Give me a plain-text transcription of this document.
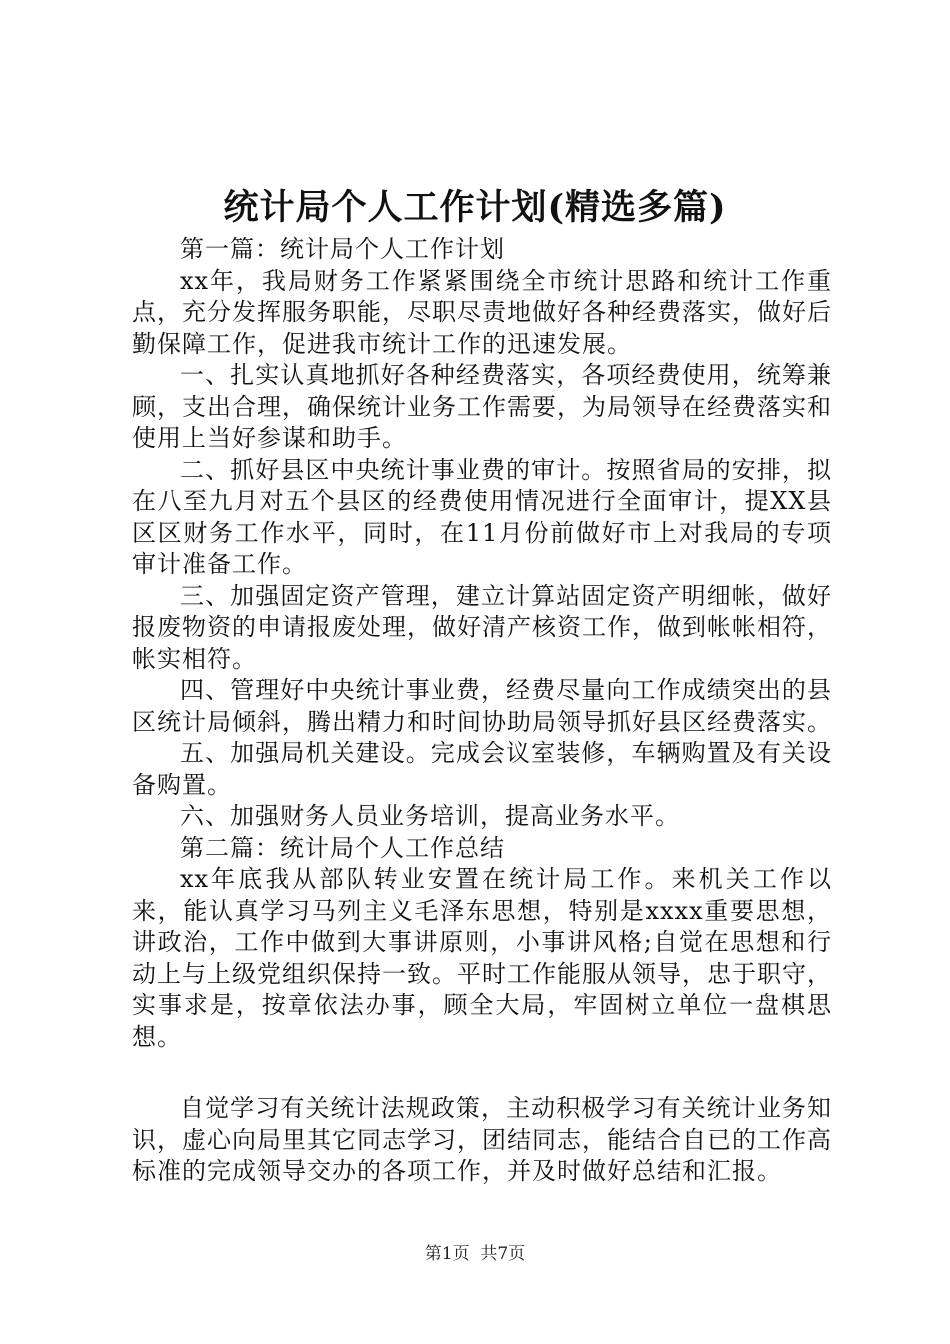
统计局个人工作计划(精选多篇)

第一篇：统计局个人工作计划

xx年，我局财务工作紧紧围绕全市统计思路和统计工作重点，充分发挥服务职能，尽职尽责地做好各种经费落实，做好后勤保障工作，促进我市统计工作的迅速发展。

一、扎实认真地抓好各种经费落实，各项经费使用，统筹兼顾，支出合理，确保统计业务工作需要，为局领导在经费落实和使用上当好参谋和助手。

二、抓好县区中央统计事业费的审计。按照省局的安排，拟在八至九月对五个县区的经费使用情况进行全面审计，提XX县区区财务工作水平，同时，在11月份前做好市上对我局的专项审计准备工作。

三、加强固定资产管理，建立计算站固定资产明细帐，做好报废物资的申请报废处理，做好清产核资工作，做到帐帐相符，帐实相符。

四、管理好中央统计事业费，经费尽量向工作成绩突出的县区统计局倾斜，腾出精力和时间协助局领导抓好县区经费落实。

五、加强局机关建设。完成会议室装修，车辆购置及有关设备购置。

六、加强财务人员业务培训，提高业务水平。

第二篇：统计局个人工作总结

xx年底我从部队转业安置在统计局工作。来机关工作以来，能认真学习马列主义毛泽东思想，特别是xxxx重要思想，讲政治，工作中做到大事讲原则，小事讲风格;自觉在思想和行动上与上级党组织保持一致。平时工作能服从领导，忠于职守，实事求是，按章依法办事，顾全大局，牢固树立单位一盘棋思想。

自觉学习有关统计法规政策，主动积极学习有关统计业务知识，虚心向局里其它同志学习，团结同志，能结合自已的工作高标准的完成领导交办的各项工作，并及时做好总结和汇报。

第1页 共7页
